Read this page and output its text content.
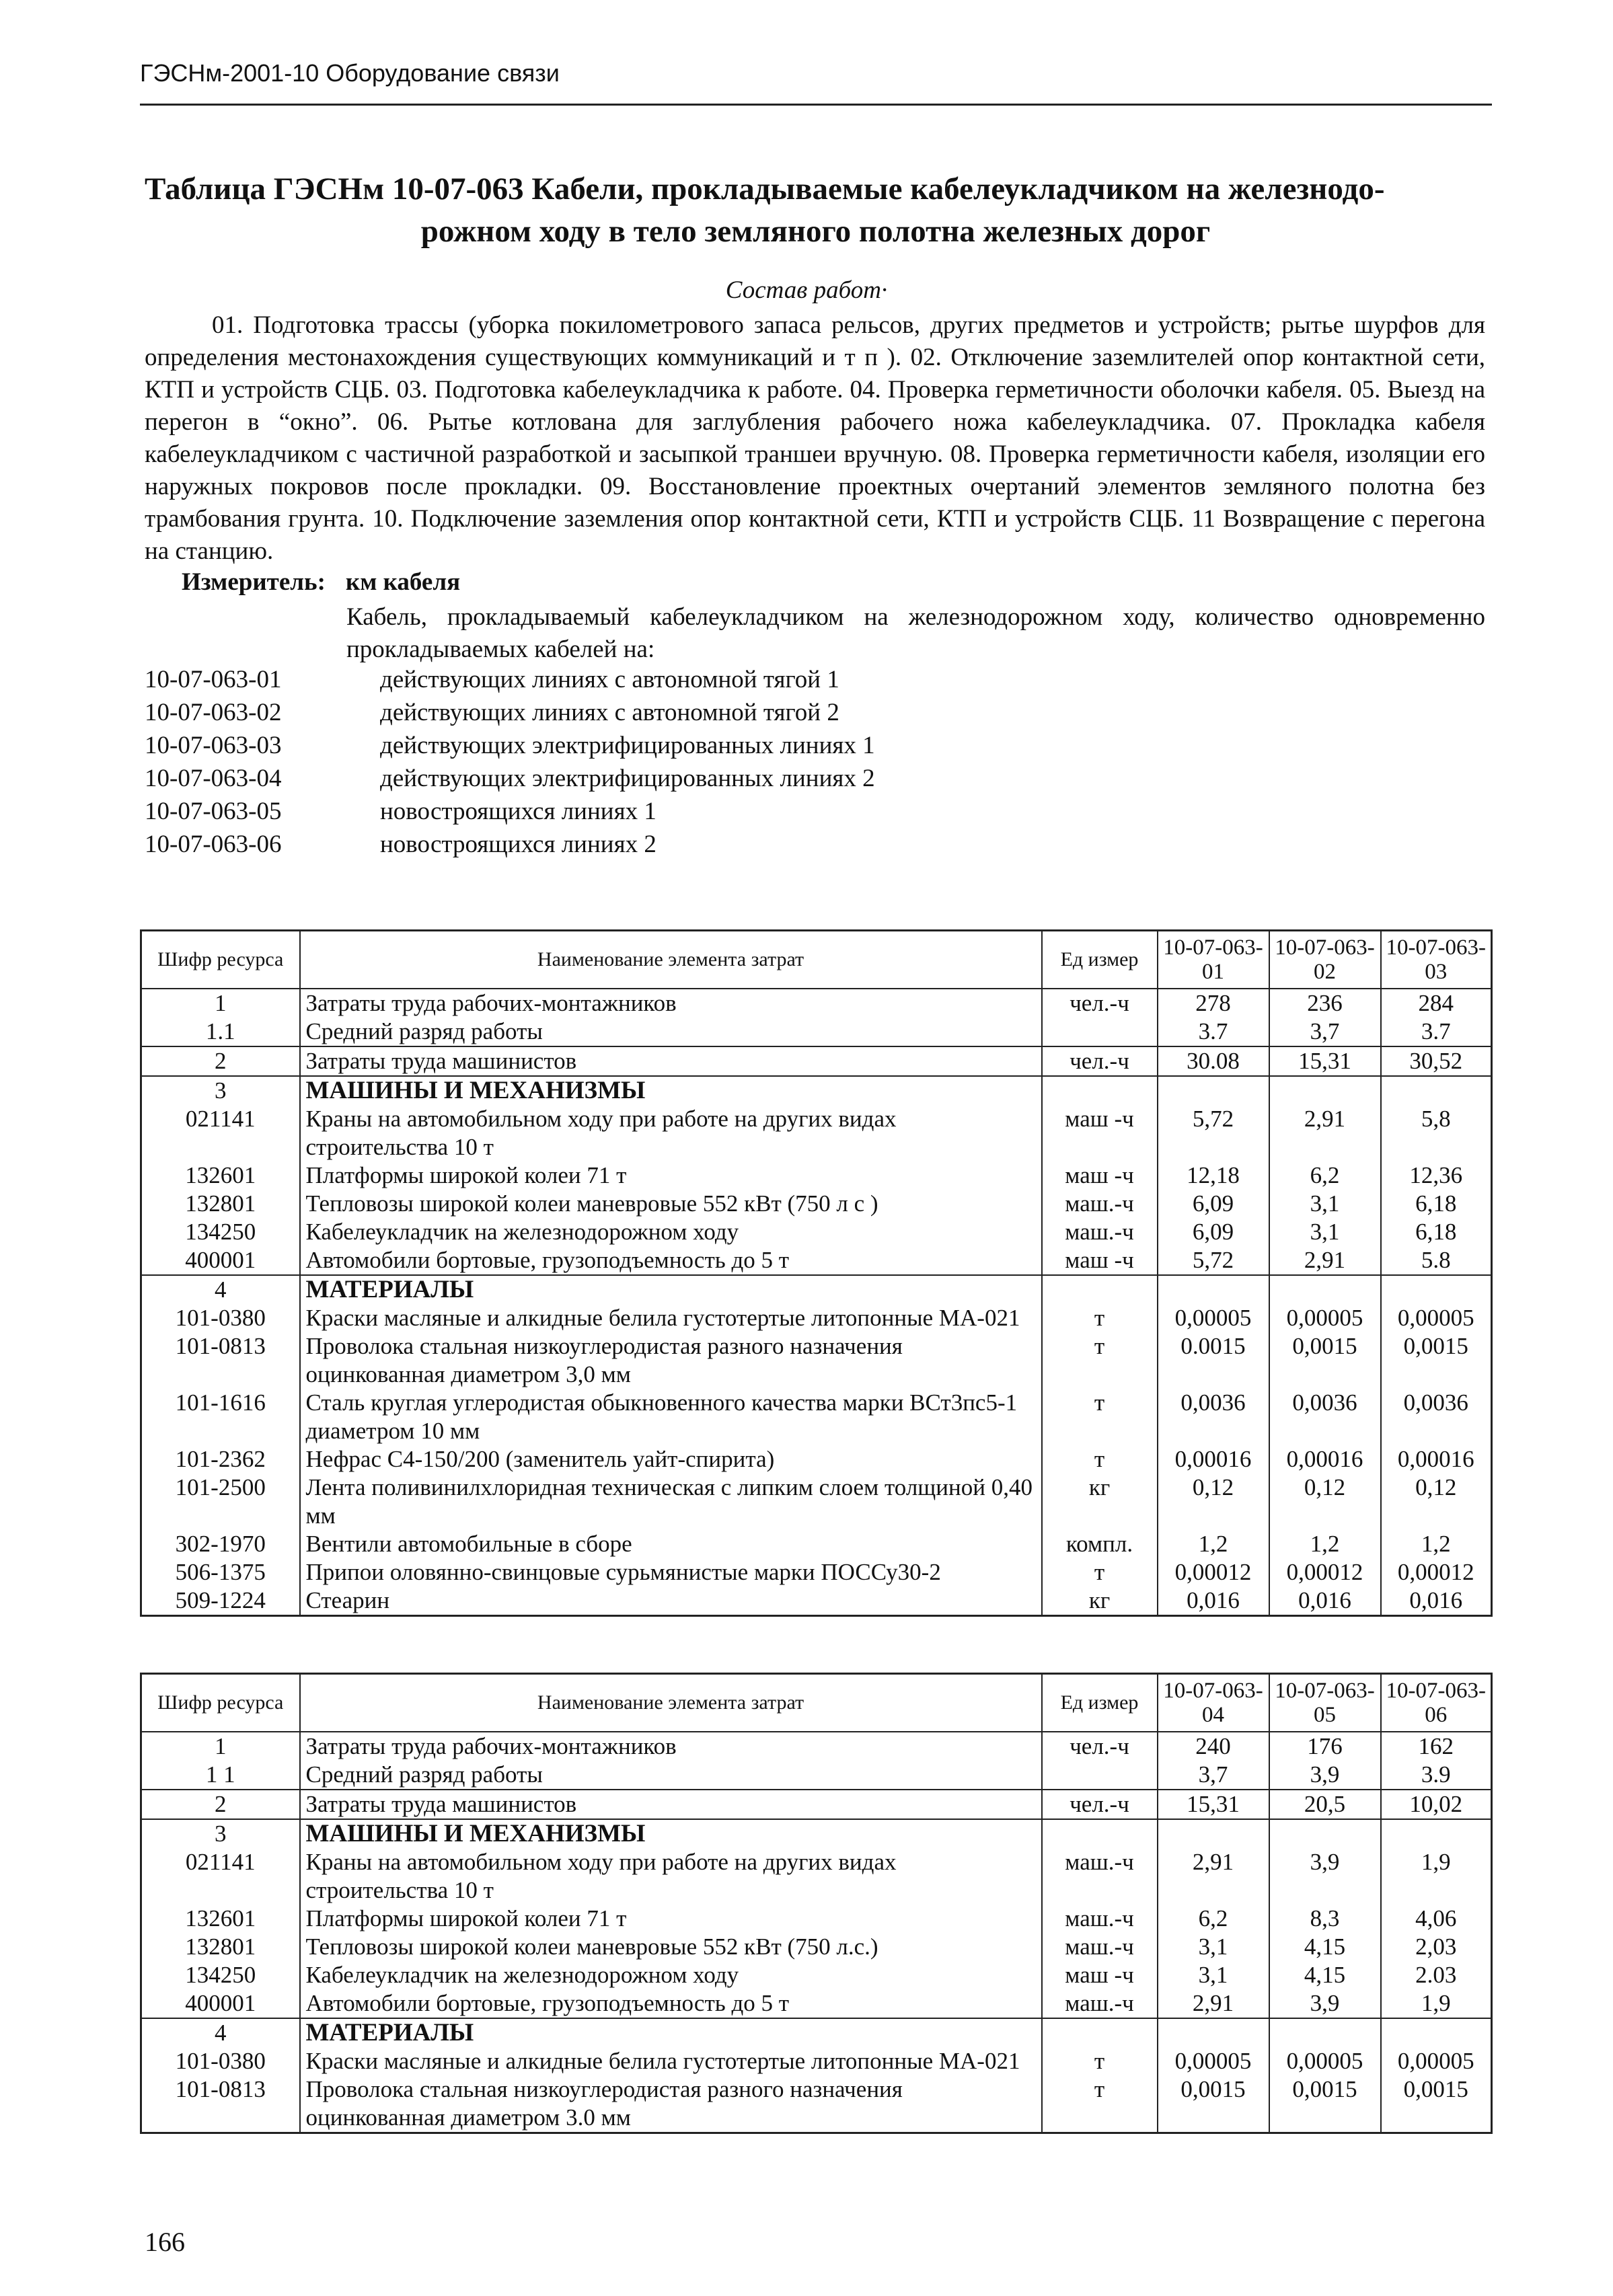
ГЭСНм-2001-10 Оборудование связи
Таблица ГЭСНм 10-07-063 Кабели, прокладываемые кабелеукладчиком на железнодо-
рожном ходу в тело земляного полотна железных дорог
Состав работ·

01. Подготовка трассы (уборка покилометрового запаса рельсов, других предметов и устройств; рытье шурфов для определения местонахождения существующих коммуникаций и т п ). 02. Отключение заземлителей опор контактной сети, КТП и устройств СЦБ. 03. Подготовка кабелеукладчика к работе. 04. Проверка герметичности оболочки кабеля. 05. Выезд на перегон в “окно”. 06. Рытье котлована для заглубления рабочего ножа кабелеукладчика. 07. Прокладка кабеля кабелеукладчиком с частичной разработкой и засыпкой траншеи вручную. 08. Проверка герметичности кабеля, изоляции его наружных покровов после прокладки. 09. Восстановление проектных очертаний элементов земляного полотна без трамбования грунта. 10. Подключение заземления опор контактной сети, КТП и устройств СЦБ. 11 Возвращение с перегона на станцию.

Измеритель: км кабеля

Кабель, прокладываемый кабелеукладчиком на железнодорожном ходу, количество одновременно прокладываемых кабелей на:

10-07-063-01	действующих линиях с автономной тягой 1
10-07-063-02	действующих линиях с автономной тягой 2
10-07-063-03	действующих электрифицированных линиях 1
10-07-063-04	действующих электрифицированных линиях 2
10-07-063-05	новостроящихся линиях 1
10-07-063-06	новостроящихся линиях 2
Шифр ресурса	Наименование элемента затрат	Ед измер	10-07-063-01	10-07-063-02	10-07-063-03
1	Затраты труда рабочих-монтажников	чел.-ч	278	236	284
1.1	Средний разряд работы		3.7	3,7	3.7
2	Затраты труда машинистов	чел.-ч	30.08	15,31	30,52
3	МАШИНЫ И МЕХАНИЗМЫ				
021141	Краны на автомобильном ходу при работе на других видах строительства 10 т	маш -ч	5,72	2,91	5,8
132601	Платформы широкой колеи 71 т	маш -ч	12,18	6,2	12,36
132801	Тепловозы широкой колеи маневровые 552 кВт (750 л с )	маш.-ч	6,09	3,1	6,18
134250	Кабелеукладчик на железнодорожном ходу	маш.-ч	6,09	3,1	6,18
400001	Автомобили бортовые, грузоподъемность до 5 т	маш -ч	5,72	2,91	5.8
4	МАТЕРИАЛЫ				
101-0380	Краски масляные и алкидные белила густотертые литопонные МА-021	т	0,00005	0,00005	0,00005
101-0813	Проволока стальная низкоуглеродистая разного назначения оцинкованная диаметром 3,0 мм	т	0.0015	0,0015	0,0015
101-1616	Сталь круглая углеродистая обыкновенного качества марки ВСт3пс5-1 диаметром 10 мм	т	0,0036	0,0036	0,0036
101-2362	Нефрас С4-150/200 (заменитель уайт-спирита)	т	0,00016	0,00016	0,00016
101-2500	Лента поливинилхлоридная техническая с липким слоем толщиной 0,40 мм	кг	0,12	0,12	0,12
302-1970	Вентили автомобильные в сборе	компл.	1,2	1,2	1,2
506-1375	Припои оловянно-свинцовые сурьмянистые марки ПОССу30-2	т	0,00012	0,00012	0,00012
509-1224	Стеарин	кг	0,016	0,016	0,016
Шифр ресурса	Наименование элемента затрат	Ед измер	10-07-063-04	10-07-063-05	10-07-063-06
1	Затраты труда рабочих-монтажников	чел.-ч	240	176	162
1 1	Средний разряд работы		3,7	3,9	3.9
2	Затраты труда машинистов	чел.-ч	15,31	20,5	10,02
3	МАШИНЫ И МЕХАНИЗМЫ				
021141	Краны на автомобильном ходу при работе на других видах строительства 10 т	маш.-ч	2,91	3,9	1,9
132601	Платформы широкой колеи 71 т	маш.-ч	6,2	8,3	4,06
132801	Тепловозы широкой колеи маневровые 552 кВт (750 л.с.)	маш.-ч	3,1	4,15	2,03
134250	Кабелеукладчик на железнодорожном ходу	маш -ч	3,1	4,15	2.03
400001	Автомобили бортовые, грузоподъемность до 5 т	маш.-ч	2,91	3,9	1,9
4	МАТЕРИАЛЫ				
101-0380	Краски масляные и алкидные белила густотертые литопонные МА-021	т	0,00005	0,00005	0,00005
101-0813	Проволока стальная низкоуглеродистая разного назначения оцинкованная диаметром 3.0 мм	т	0,0015	0,0015	0,0015
166
